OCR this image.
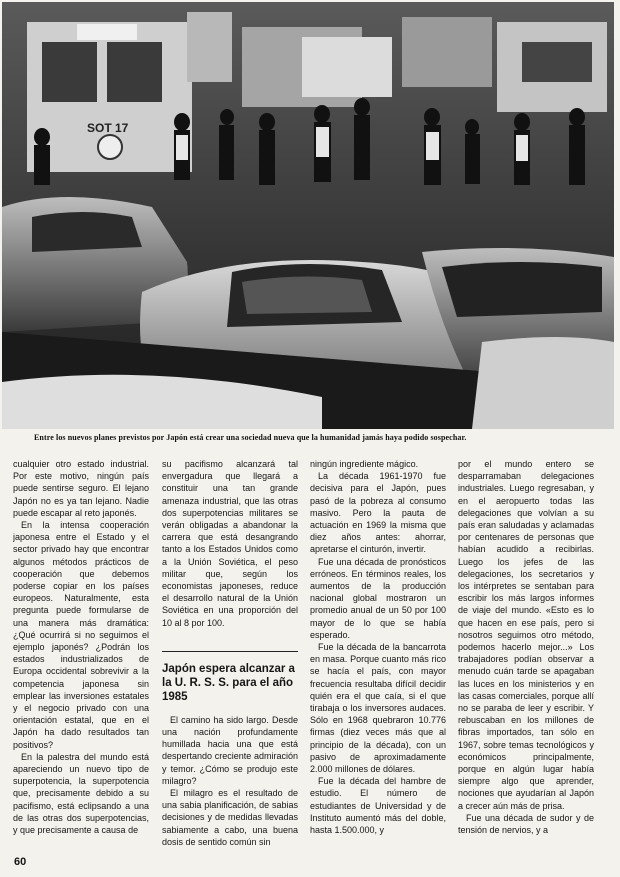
SOT 17
Entre los nuevos planes previstos por Japón está crear una sociedad nueva que la humanidad jamás haya podido sospechar.

cualquier otro estado industrial. Por este motivo, ningún país puede sentirse seguro. El lejano Japón no es ya tan lejano. Nadie puede escapar al reto japonés.

En la intensa cooperación japonesa entre el Estado y el sector privado hay que encontrar algunos métodos prácticos de cooperación que debemos poderse copiar en los países europeos. Naturalmente, esta pregunta puede formularse de una manera más dramática: ¿Qué ocurrirá si no seguimos el ejemplo japonés? ¿Podrán los estados industrializados de Europa occidental sobrevivir a la competencia japonesa sin emplear las inversiones estatales y el negocio privado con una orientación estatal, que en el Japón ha dado resultados tan positivos?

En la palestra del mundo está apareciendo un nuevo tipo de superpotencia, la superpotencia que, precisamente debido a su pacifismo, está eclipsando a una de las otras dos superpotencias, y que precisamente a causa de

su pacifismo alcanzará tal envergadura que llegará a constituir una tan grande amenaza industrial, que las otras dos superpotencias militares se verán obligadas a abandonar la carrera que está desangrando tanto a los Estados Unidos como a la Unión Soviética, el peso militar que, según los economistas japoneses, reduce el desarrollo natural de la Unión Soviética en una proporción del 10 al 8 por 100.

Japón espera alcanzar a la U. R. S. S. para el año 1985

El camino ha sido largo. Desde una nación profundamente humillada hacia una que está despertando creciente admiración y temor. ¿Cómo se produjo este milagro?

El milagro es el resultado de una sabia planificación, de sabias decisiones y de medidas llevadas sabiamente a cabo, una buena dosis de sentido común sin

ningún ingrediente mágico.

La década 1961-1970 fue decisiva para el Japón, pues pasó de la pobreza al consumo masivo. Pero la pauta de actuación en 1969 la misma que diez años antes: ahorrar, apretarse el cinturón, invertir.

Fue una década de pronósticos erróneos. En términos reales, los aumentos de la producción nacional global mostraron un promedio anual de un 50 por 100 mayor de lo que se había esperado.

Fue la década de la bancarrota en masa. Porque cuanto más rico se hacía el país, con mayor frecuencia resultaba difícil decidir quién era el que caía, si el que tirabaja o los inversores audaces. Sólo en 1968 quebraron 10.776 firmas (diez veces más que al principio de la década), con un pasivo de aproximadamente 2.000 millones de dólares.

Fue la década del hambre de estudio. El número de estudiantes de Universidad y de Instituto aumentó más del doble, hasta 1.500.000, y

por el mundo entero se desparramaban delegaciones industriales. Luego regresaban, y en el aeropuerto todas las delegaciones que volvían a su país eran saludadas y aclamadas por centenares de personas que habían acudido a recibirlas. Luego los jefes de las delegaciones, los secretarios y los intérpretes se sentaban para escribir los más largos informes de viaje del mundo. «Esto es lo que hacen en ese país, pero si nosotros seguimos otro método, podemos hacerlo mejor...» Los trabajadores podían observar a menudo cuán tarde se apagaban las luces en los ministerios y en las casas comerciales, porque allí no se paraba de leer y escribir. Y rebuscaban en los millones de fibras importados, tan sólo en 1967, sobre temas tecnológicos y económicos principalmente, porque en algún lugar había siempre algo que aprender, nociones que ayudarían al Japón a crecer aún más de prisa.

Fue una década de sudor y de tensión de nervios, y a

60
